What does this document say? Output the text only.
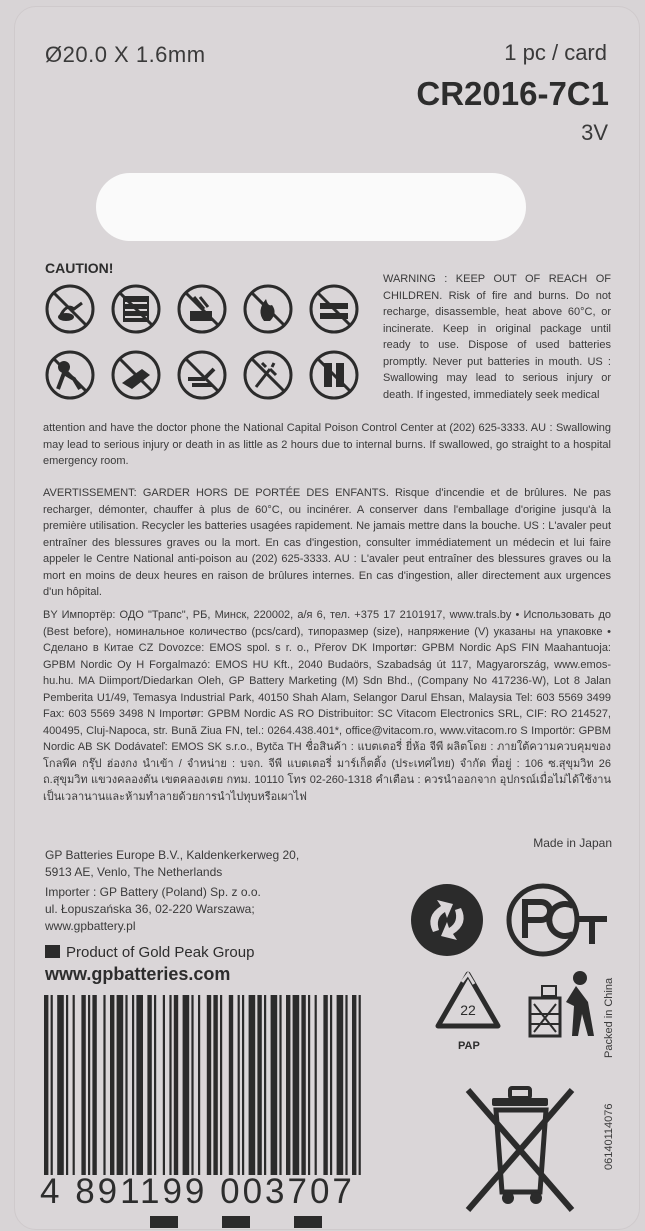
Ø20.0 X 1.6mm	1 pc / card
CR2016-7C1
3V
CAUTION!
WARNING : KEEP OUT OF REACH OF CHILDREN. Risk of fire and burns. Do not recharge, disassemble, heat above 60°C, or incinerate. Keep in original package until ready to use. Dispose of used batteries promptly. Never put batteries in mouth. US : Swallowing may lead to serious injury or death. If ingested, immediately seek medical
attention and have the doctor phone the National Capital Poison Control Center at (202) 625-3333. AU : Swallowing may lead to serious injury or death in as little as 2 hours due to internal burns. If swallowed, go straight to a hospital emergency room.
AVERTISSEMENT: GARDER HORS DE PORTÉE DES ENFANTS. Risque d'incendie et de brûlures. Ne pas recharger, démonter, chauffer à plus de 60°C, ou incinérer. A conserver dans l'emballage d'origine jusqu'à la première utilisation. Recycler les batteries usagées rapidement. Ne jamais mettre dans la bouche. US : L'avaler peut entraîner des blessures graves ou la mort. En cas d'ingestion, consulter immédiatement un médecin et lui faire appeler le Centre National anti-poison au (202) 625-3333. AU : L'avaler peut entraîner des blessures graves ou la mort en moins de deux heures en raison de brûlures internes. En cas d'ingestion, aller directement aux urgences d'un hôpital.
BY Импортёр: ОДО "Трапс", РБ, Минск, 220002, а/я 6, тел. +375 17 2101917, www.trals.by • Использовать до (Best before), номинальное количество (pcs/card), типоразмер (size), напряжение (V) указаны на упаковке • Сделано в Китае CZ Dovozce: EMOS spol. s r. o., Přerov DK Importør: GPBM Nordic ApS FIN Maahantuoja: GPBM Nordic Oy H Forgalmazó: EMOS HU Kft., 2040 Budaörs, Szabadság út 117, Magyarország, www.emos-hu.hu. MA Diimport/Diedarkan Oleh, GP Battery Marketing (M) Sdn Bhd., (Company No 417236-W), Lot 8 Jalan Pemberita U1/49, Temasya Industrial Park, 40150 Shah Alam, Selangor Darul Ehsan, Malaysia Tel: 603 5569 3499 Fax: 603 5569 3498 N Importør: GPBM Nordic AS RO Distribuitor: SC Vitacom Electronics SRL, CIF: RO 214527, 400495, Cluj-Napoca, str. Bună Ziua FN, tel.: 0264.438.401*, office@vitacom.ro, www.vitacom.ro S Importör: GPBM Nordic AB SK Dodávateľ: EMOS SK s.r.o., Bytča TH ชื่อสินค้า : แบตเตอรี่ ยี่ห้อ จีพี ผลิตโดย : ภายใต้ความควบคุมของ โกลพีค กรุ๊ป ฮ่องกง นำเข้า / จำหน่าย : บจก. จีพี แบตเตอรี่ มาร์เก็ตติ้ง (ประเทศไทย) จำกัด ที่อยู่ : 106 ซ.สุขุมวิท 26 ถ.สุขุมวิท แขวงคลองตัน เขตคลองเตย กทม. 10110 โทร 02-260-1318 คำเตือน : ควรนำออกจาก อุปกรณ์เมื่อไม่ได้ใช้งานเป็นเวลานานและห้ามทำลายด้วยการนำไปทุบหรือเผาไฟ
Made in Japan
GP Batteries Europe B.V., Kaldenkerkerweg 20,
5913 AE, Venlo, The Netherlands
Importer : GP Battery (Poland) Sp. z o.o.
ul. Łopuszańska 36, 02-220 Warszawa;
www.gpbattery.pl
Product of Gold Peak Group
www.gpbatteries.com
4 891199 003707
22
PAP	Packed in China
06140114076
